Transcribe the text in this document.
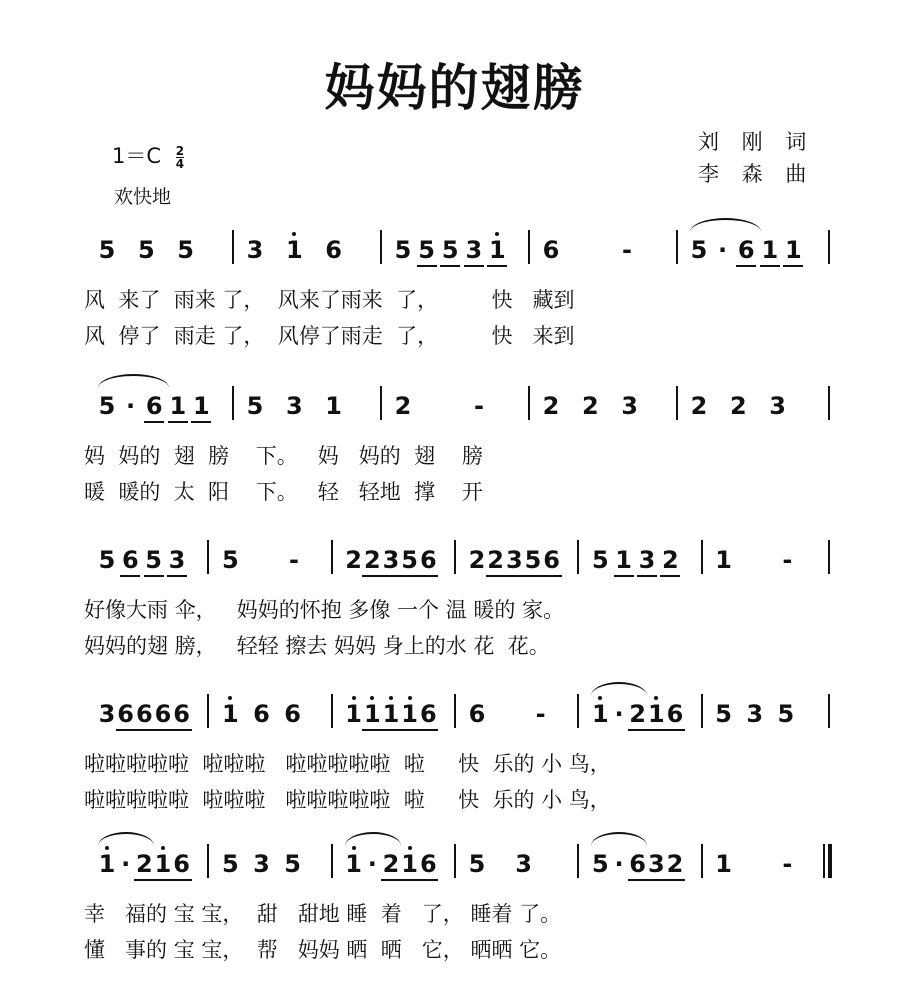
妈妈的翅膀
刘 刚 词
李 森 曲
$1=C \frac{2}{4}$
欢快地
5 5 5 3 1 6 5 5 5 3 1 6	- 5 · 6 1 1
风  来了  雨来 了，  风来了雨来  了，        快   藏到
风  停了  雨走 了，  风停了雨走  了，        快   来到
5 · 6 1 1 5 3 1 2	- 2 2 3 2 2 3
妈  妈的  翅  膀    下。   妈   妈的  翅    膀
暖  暖的  太  阳    下。   轻   轻地  撑    开
5 6 5 3 5 - 2 2 3 5 6 2 2 3 5 6 5 1 3 2 1 -
好像大雨 伞，   妈妈的怀抱 多像 一个 温 暖的 家。
妈妈的翅 膀，   轻轻 擦去 妈妈 身上的水 花  花。
3 6 6 6 6 1 6 6 1 1 1 1 6 6 - 1 · 2 1 6 5 3 5
啦啦啦啦啦  啦啦啦   啦啦啦啦啦  啦     快  乐的 小 鸟，
啦啦啦啦啦  啦啦啦   啦啦啦啦啦  啦     快  乐的 小 鸟，
1 · 2 1 6 5 3 5 1 · 2 1 6 5 3 5 · 6 3 2 1 -
幸   福的 宝 宝，  甜   甜地 睡  着   了， 睡着 了。
懂   事的 宝 宝，  帮   妈妈 晒  晒   它， 晒晒 它。
